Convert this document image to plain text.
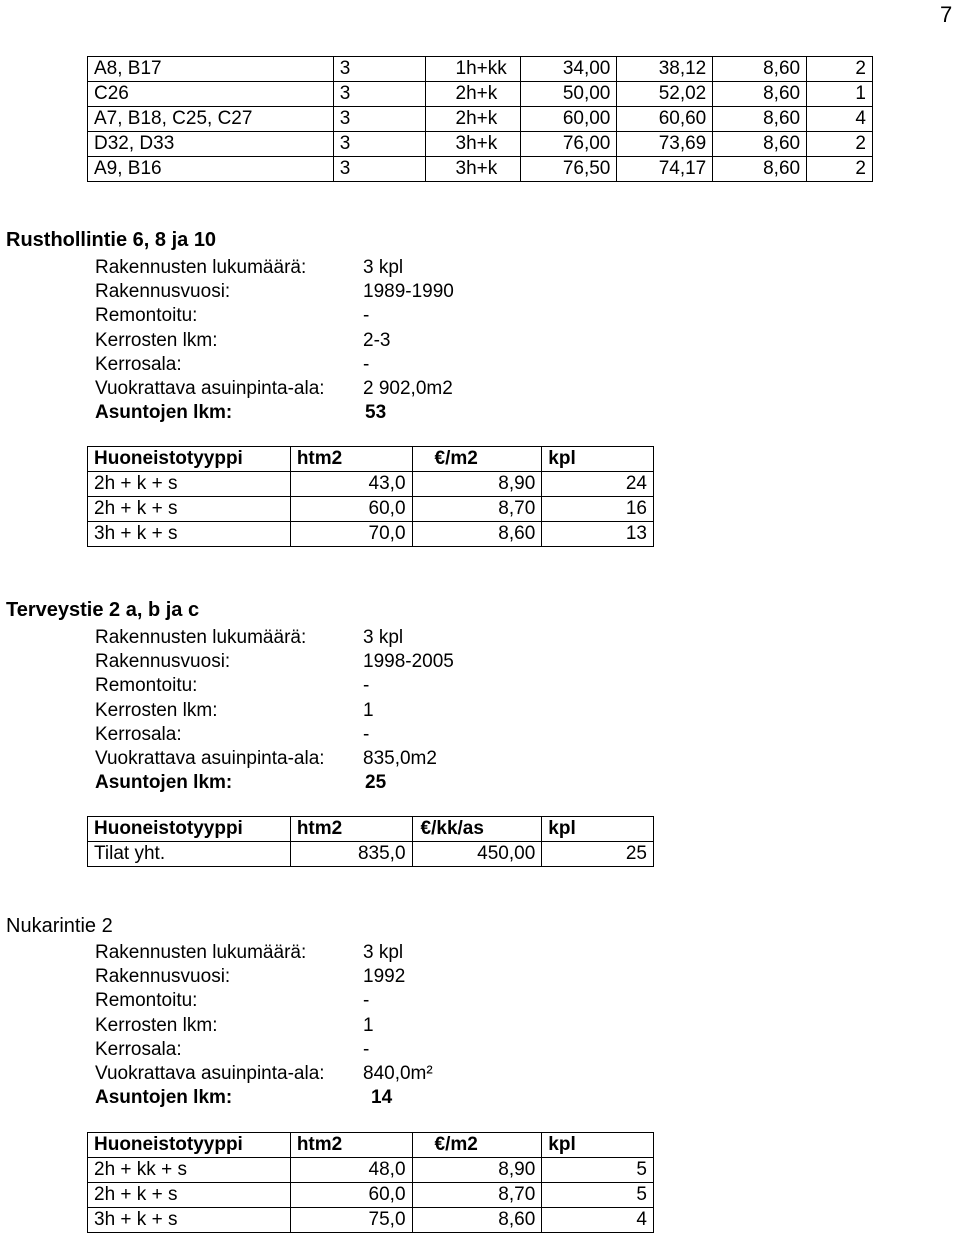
7
A8, B17	3	1h+kk	34,00	38,12	8,60	2
C26	3	2h+k	50,00	52,02	8,60	1
A7, B18, C25, C27	3	2h+k	60,00	60,60	8,60	4
D32, D33	3	3h+k	76,00	73,69	8,60	2
A9, B16	3	3h+k	76,50	74,17	8,60	2
Rusthollintie 6, 8 ja 10
Rakennusten lukumäärä:	3 kpl
Rakennusvuosi:	1989-1990
Remontoitu:	-
Kerrosten lkm:	2-3
Kerrosala:	-
Vuokrattava asuinpinta-ala: 2 902,0m2
Asuntojen lkm:	53
Huoneistotyyppi	htm2	€/m2	kpl
2h + k + s	43,0	8,90	24
2h + k + s	60,0	8,70	16
3h + k + s	70,0	8,60	13
Terveystie 2 a, b ja c
Rakennusten lukumäärä:	3 kpl
Rakennusvuosi:	1998-2005
Remontoitu:	-
Kerrosten lkm:	1
Kerrosala:	-
Vuokrattava asuinpinta-ala: 835,0m2
Asuntojen lkm:	25
Huoneistotyyppi	htm2	€/kk/as	kpl
Tilat yht.	835,0	450,00	25
Nukarintie 2
Rakennusten lukumäärä:	3 kpl
Rakennusvuosi:	1992
Remontoitu:	-
Kerrosten lkm:	1
Kerrosala:	-
Vuokrattava asuinpinta-ala: 840,0m²
Asuntojen lkm:	14
Huoneistotyyppi	htm2	€/m2	kpl
2h + kk + s	48,0	8,90	5
2h + k + s	60,0	8,70	5
3h + k + s	75,0	8,60	4
